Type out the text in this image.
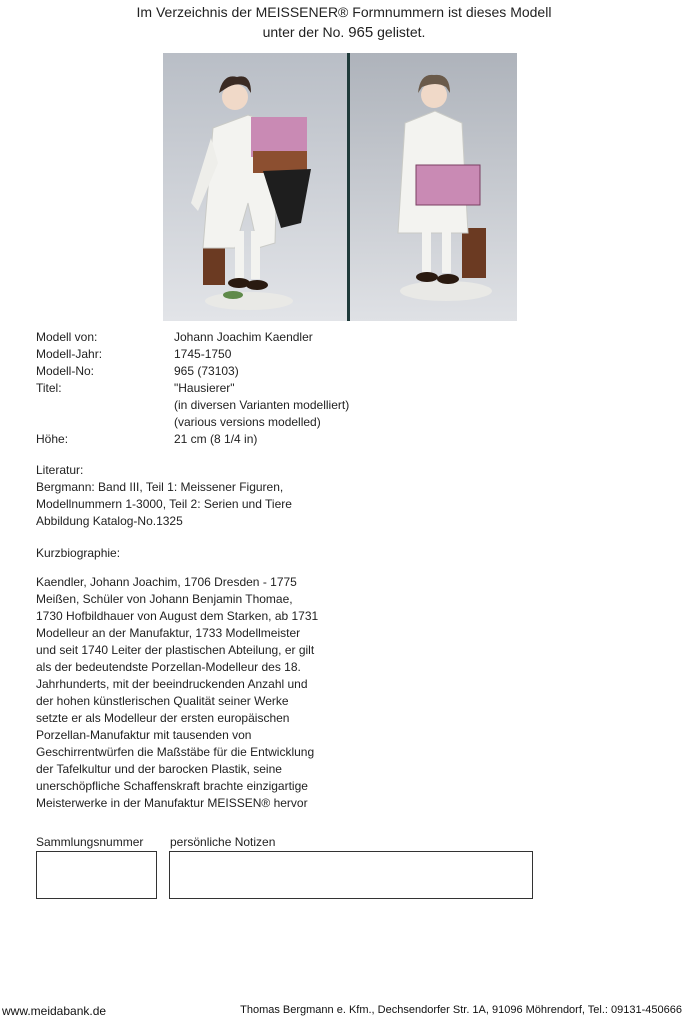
Im Verzeichnis der MEISSENER® Formnummern ist dieses Modell
unter der No. 965 gelistet.
Modell von:	Johann Joachim Kaendler
Modell-Jahr:	1745-1750
Modell-No:	965 (73103)
Titel:	"Hausierer"
(in diversen Varianten modelliert)
(various versions modelled)
Höhe:	21 cm (8 1/4 in)
Literatur:
Bergmann: Band III, Teil 1: Meissener Figuren,
Modellnummern 1-3000, Teil 2: Serien und Tiere
Abbildung Katalog-No.1325
Kurzbiographie:
Kaendler, Johann Joachim, 1706 Dresden - 1775
Meißen, Schüler von Johann Benjamin Thomae,
1730 Hofbildhauer von August dem Starken, ab 1731
Modelleur an der Manufaktur, 1733 Modellmeister
und seit 1740 Leiter der plastischen Abteilung, er gilt
als der bedeutendste Porzellan-Modelleur des 18.
Jahrhunderts, mit der beeindruckenden Anzahl und
der hohen künstlerischen Qualität seiner Werke
setzte er als Modelleur der ersten europäischen
Porzellan-Manufaktur mit tausenden von
Geschirrentwürfen die Maßstäbe für die Entwicklung
der Tafelkultur und der barocken Plastik, seine
unerschöpfliche Schaffenskraft brachte einzigartige
Meisterwerke in der Manufaktur MEISSEN® hervor
Sammlungsnummer persönliche Notizen
www.meidabank.de	Thomas Bergmann e. Kfm., Dechsendorfer Str. 1A, 91096 Möhrendorf, Tel.: 09131-450666
